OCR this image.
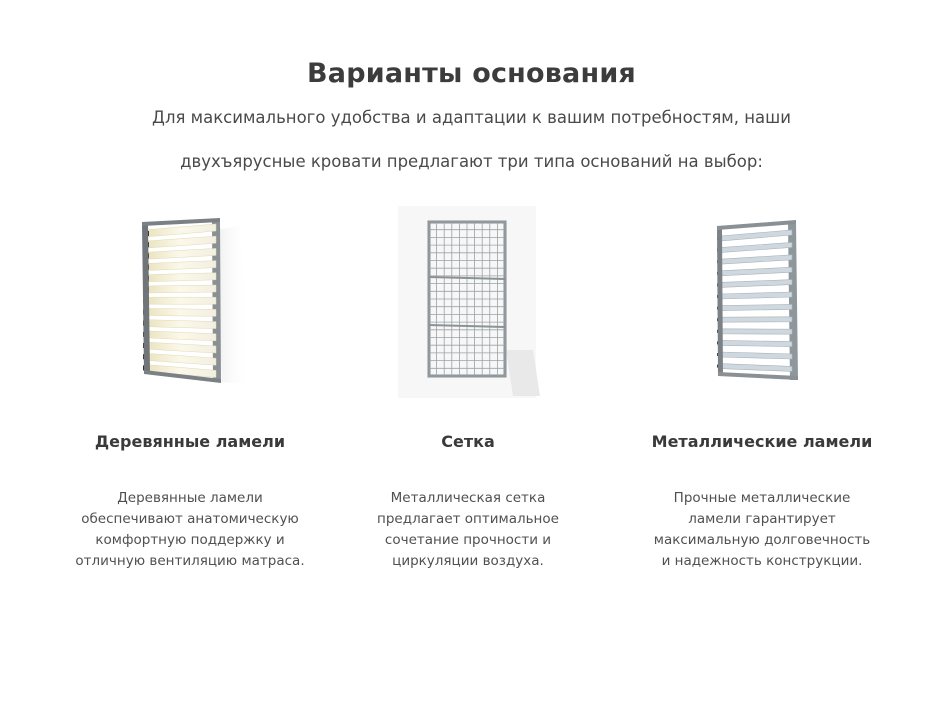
Варианты основания
Для максимального удобства и адаптации к вашим потребностям, наши
двухъярусные кровати предлагают три типа оснований на выбор:
Деревянные ламели
Деревянные ламели
обеспечивают анатомическую
комфортную поддержку и
отличную вентиляцию матраса.
Сетка
Металлическая сетка
предлагает оптимальное
сочетание прочности и
циркуляции воздуха.
Металлические ламели
Прочные металлические
ламели гарантирует
максимальную долговечность
и надежность конструкции.
